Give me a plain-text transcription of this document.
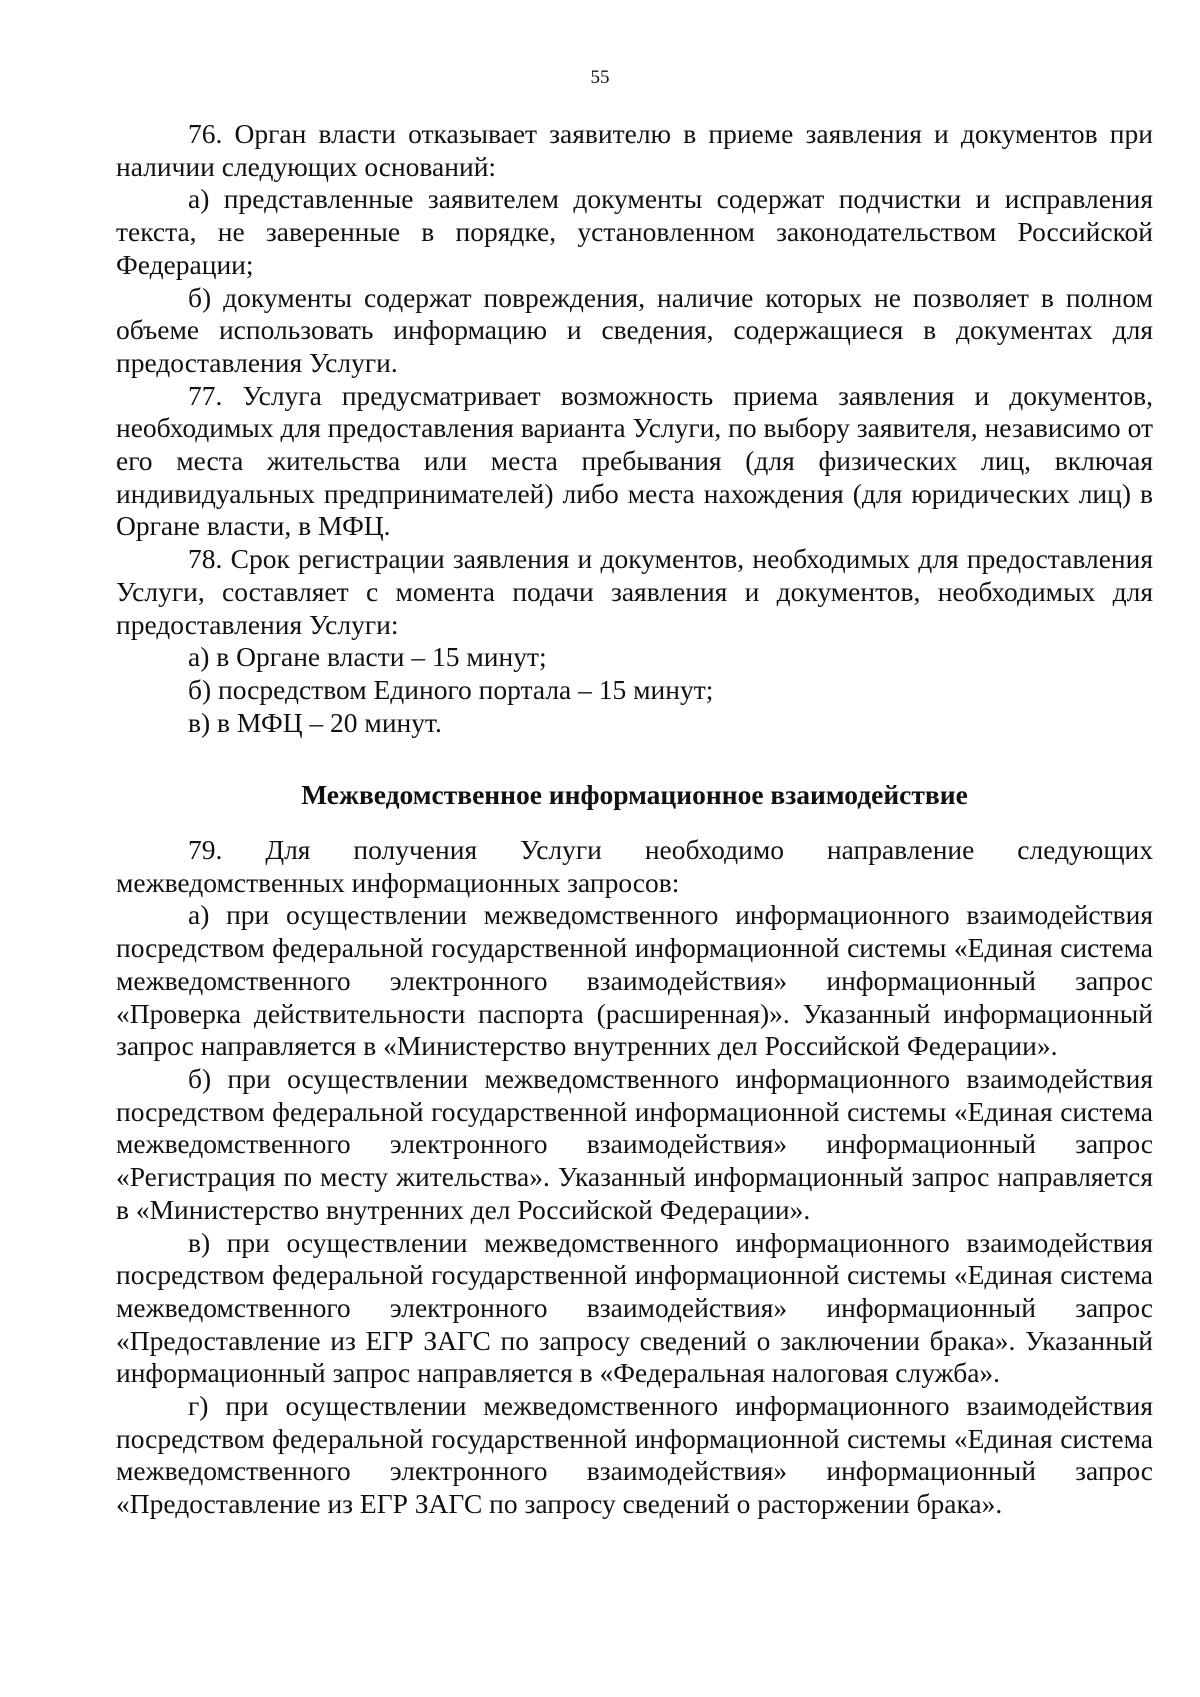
55

76. Орган власти отказывает заявителю в приеме заявления и документов при наличии следующих оснований:

а) представленные заявителем документы содержат подчистки и исправления текста, не заверенные в порядке, установленном законодательством Российской Федерации;

б) документы содержат повреждения, наличие которых не позволяет в полном объеме использовать информацию и сведения, содержащиеся в документах для предоставления Услуги.

77. Услуга предусматривает возможность приема заявления и документов, необходимых для предоставления варианта Услуги, по выбору заявителя, независимо от его места жительства или места пребывания (для физических лиц, включая индивидуальных предпринимателей) либо места нахождения (для юридических лиц) в Органе власти, в МФЦ.

78. Срок регистрации заявления и документов, необходимых для предоставления Услуги, составляет с момента подачи заявления и документов, необходимых для предоставления Услуги:

а) в Органе власти – 15 минут;

б) посредством Единого портала – 15 минут;

в) в МФЦ – 20 минут.

Межведомственное информационное взаимодействие

79. Для получения Услуги необходимо направление следующих межведомственных информационных запросов:

а) при осуществлении межведомственного информационного взаимодействия посредством федеральной государственной информационной системы «Единая система межведомственного электронного взаимодействия» информационный запрос «Проверка действительности паспорта (расширенная)». Указанный информационный запрос направляется в «Министерство внутренних дел Российской Федерации».

б) при осуществлении межведомственного информационного взаимодействия посредством федеральной государственной информационной системы «Единая система межведомственного электронного взаимодействия» информационный запрос «Регистрация по месту жительства». Указанный информационный запрос направляется в «Министерство внутренних дел Российской Федерации».

в) при осуществлении межведомственного информационного взаимодействия посредством федеральной государственной информационной системы «Единая система межведомственного электронного взаимодействия» информационный запрос «Предоставление из ЕГР ЗАГС по запросу сведений о заключении брака». Указанный информационный запрос направляется в «Федеральная налоговая служба».

г) при осуществлении межведомственного информационного взаимодействия посредством федеральной государственной информационной системы «Единая система межведомственного электронного взаимодействия» информационный запрос «Предоставление из ЕГР ЗАГС по запросу сведений о расторжении брака».
